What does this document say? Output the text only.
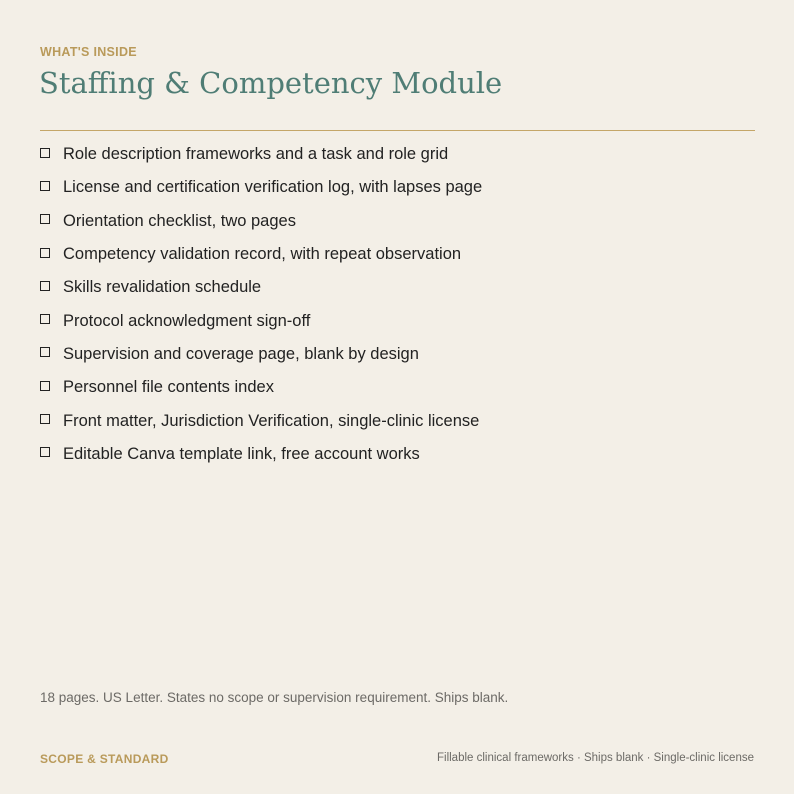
WHAT'S INSIDE
Staffing & Competency Module
Role description frameworks and a task and role grid
License and certification verification log, with lapses page
Orientation checklist, two pages
Competency validation record, with repeat observation
Skills revalidation schedule
Protocol acknowledgment sign-off
Supervision and coverage page, blank by design
Personnel file contents index
Front matter, Jurisdiction Verification, single-clinic license
Editable Canva template link, free account works
18 pages. US Letter. States no scope or supervision requirement. Ships blank.
SCOPE & STANDARD	Fillable clinical frameworks · Ships blank · Single-clinic license
